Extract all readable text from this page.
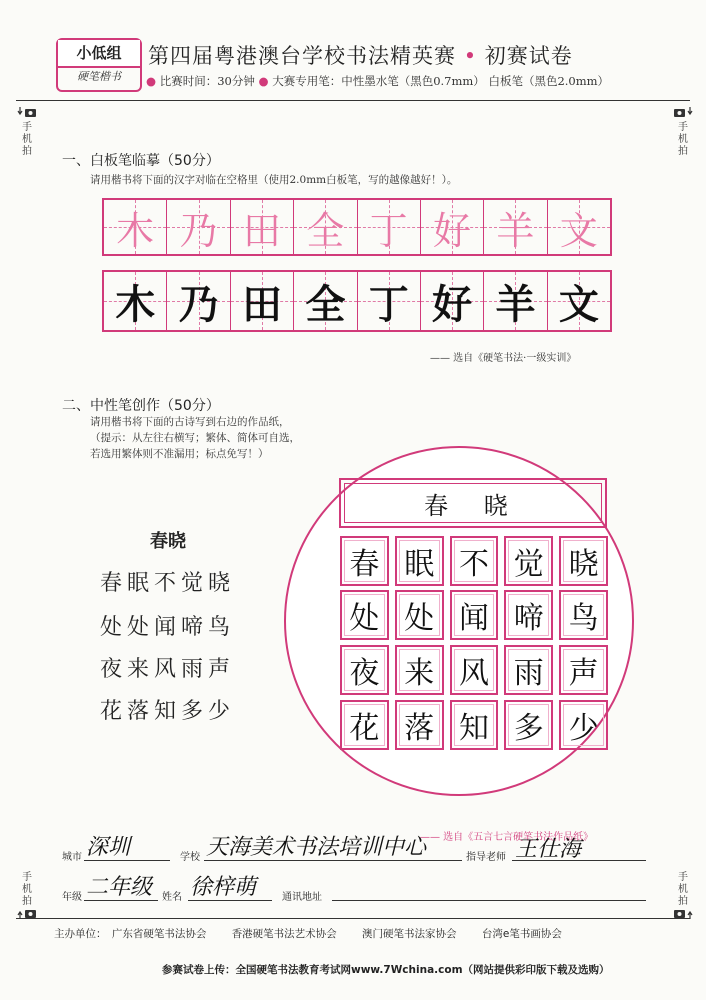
小低组
硬笔楷书
第四届粤港澳台学校书法精英赛 • 初赛试卷
● 比赛时间：30分钟 ● 大赛专用笔：中性墨水笔（黑色0.7mm） 白板笔（黑色2.0mm）
手机拍
手机拍
手机拍
手机拍
一、白板笔临摹（50分）
请用楷书将下面的汉字对临在空格里（使用2.0mm白板笔，写的越像越好！）。
木 乃 田 全 丁 好 羊 文
木 乃 田 全 丁 好 羊 文
—— 选自《硬笔书法·一级实训》
二、中性笔创作（50分）
请用楷书将下面的古诗写到右边的作品纸，
（提示：从左往右横写；繁体、简体可自选，
若选用繁体则不准漏用；标点免写！）
春晓
春眠不觉晓
处处闻啼鸟
夜来风雨声
花落知多少
春 晓
春 眠 不 觉 晓
处 处 闻 啼 鸟
夜 来 风 雨 声
花 落 知 多 少
—— 选自《五言七言硬笔书法作品纸》
城市 深圳	学校 天海美术书法培训中心	指导老师 王仕海
年级 二年级 姓名 徐梓萌	通讯地址
主办单位： 广东省硬笔书法协会 香港硬笔书法艺术协会 澳门硬笔书法家协会 台湾e笔书画协会
参赛试卷上传：全国硬笔书法教育考试网www.7Wchina.com（网站提供彩印版下载及选购）
